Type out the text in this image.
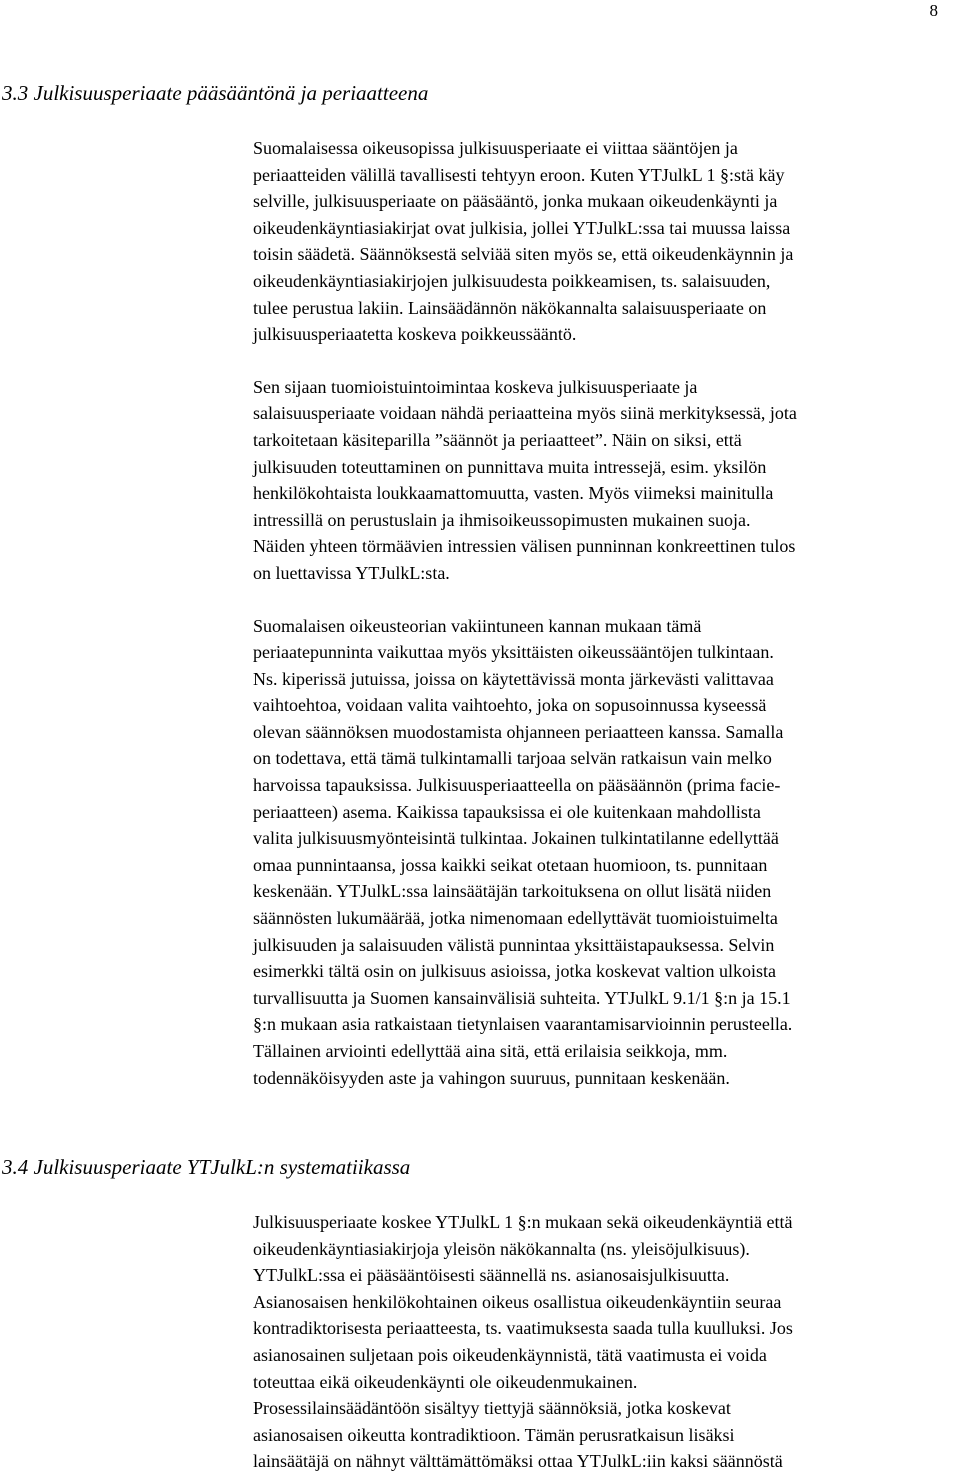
8
3.3 Julkisuusperiaate pääsääntönä ja periaatteena

Suomalaisessa oikeusopissa julkisuusperiaate ei viittaa sääntöjen ja
periaatteiden välillä tavallisesti tehtyyn eroon. Kuten YTJulkL 1 §:stä käy
selville, julkisuusperiaate on pääsääntö, jonka mukaan oikeudenkäynti ja
oikeudenkäyntiasiakirjat ovat julkisia, jollei YTJulkL:ssa tai muussa laissa
toisin säädetä. Säännöksestä selviää siten myös se, että oikeudenkäynnin ja
oikeudenkäyntiasiakirjojen julkisuudesta poikkeamisen, ts. salaisuuden,
tulee perustua lakiin. Lainsäädännön näkökannalta salaisuusperiaate on
julkisuusperiaatetta koskeva poikkeussääntö.

Sen sijaan tuomioistuintoimintaa koskeva julkisuusperiaate ja
salaisuusperiaate voidaan nähdä periaatteina myös siinä merkityksessä, jota
tarkoitetaan käsiteparilla ”säännöt ja periaatteet”. Näin on siksi, että
julkisuuden toteuttaminen on punnittava muita intressejä, esim. yksilön
henkilökohtaista loukkaamattomuutta, vasten. Myös viimeksi mainitulla
intressillä on perustuslain ja ihmisoikeussopimusten mukainen suoja.
Näiden yhteen törmäävien intressien välisen punninnan konkreettinen tulos
on luettavissa YTJulkL:sta.

Suomalaisen oikeusteorian vakiintuneen kannan mukaan tämä
periaatepunninta vaikuttaa myös yksittäisten oikeussääntöjen tulkintaan.
Ns. kiperissä jutuissa, joissa on käytettävissä monta järkevästi valittavaa
vaihtoehtoa, voidaan valita vaihtoehto, joka on sopusoinnussa kyseessä
olevan säännöksen muodostamista ohjanneen periaatteen kanssa. Samalla
on todettava, että tämä tulkintamalli tarjoaa selvän ratkaisun vain melko
harvoissa tapauksissa. Julkisuusperiaatteella on pääsäännön (prima facie-
periaatteen) asema. Kaikissa tapauksissa ei ole kuitenkaan mahdollista
valita julkisuusmyönteisintä tulkintaa. Jokainen tulkintatilanne edellyttää
omaa punnintaansa, jossa kaikki seikat otetaan huomioon, ts. punnitaan
keskenään. YTJulkL:ssa lainsäätäjän tarkoituksena on ollut lisätä niiden
säännösten lukumäärää, jotka nimenomaan edellyttävät tuomioistuimelta
julkisuuden ja salaisuuden välistä punnintaa yksittäistapauksessa. Selvin
esimerkki tältä osin on julkisuus asioissa, jotka koskevat valtion ulkoista
turvallisuutta ja Suomen kansainvälisiä suhteita. YTJulkL 9.1/1 §:n ja 15.1
§:n mukaan asia ratkaistaan tietynlaisen vaarantamisarvioinnin perusteella.
Tällainen arviointi edellyttää aina sitä, että erilaisia seikkoja, mm.
todennäköisyyden aste ja vahingon suuruus, punnitaan keskenään.

3.4 Julkisuusperiaate YTJulkL:n systematiikassa

Julkisuusperiaate koskee YTJulkL 1 §:n mukaan sekä oikeudenkäyntiä että
oikeudenkäyntiasiakirjoja yleisön näkökannalta (ns. yleisöjulkisuus).
YTJulkL:ssa ei pääsääntöisesti säännellä ns. asianosaisjulkisuutta.
Asianosaisen henkilökohtainen oikeus osallistua oikeudenkäyntiin seuraa
kontradiktorisesta periaatteesta, ts. vaatimuksesta saada tulla kuulluksi. Jos
asianosainen suljetaan pois oikeudenkäynnistä, tätä vaatimusta ei voida
toteuttaa eikä oikeudenkäynti ole oikeudenmukainen.
Prosessilainsäädäntöön sisältyy tiettyjä säännöksiä, jotka koskevat
asianosaisen oikeutta kontradiktioon. Tämän perusratkaisun lisäksi
lainsäätäjä on nähnyt välttämättömäksi ottaa YTJulkL:iin kaksi säännöstä
